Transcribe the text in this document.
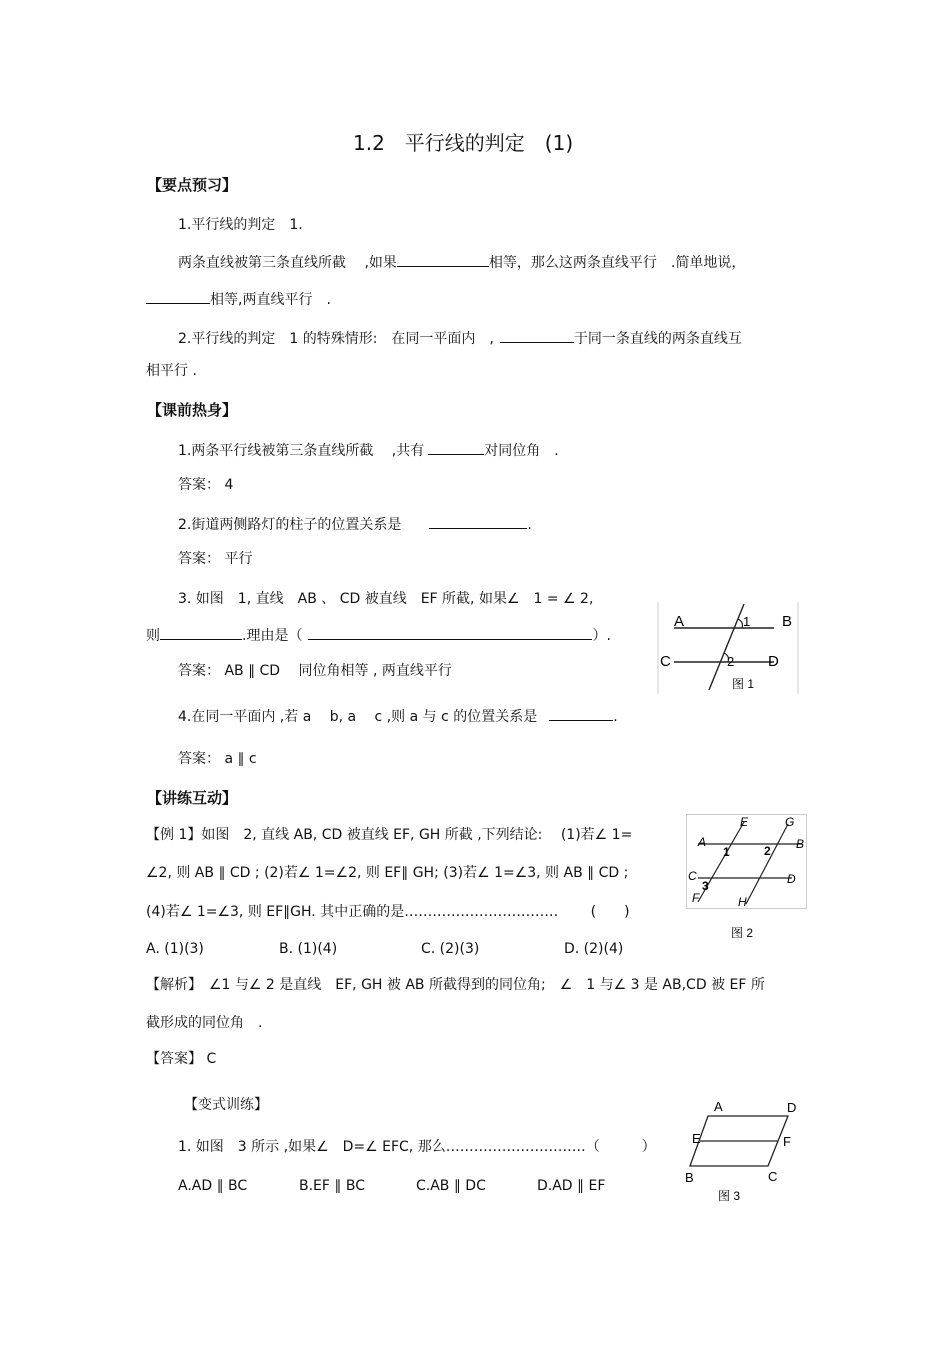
1.2　平行线的判定　(1)
【要点预习】
1.平行线的判定　1.
两条直线被第三条直线所截　 ,如果	相等，那么这两条直线平行　.简单地说，
相等,两直线平行　.
2.平行线的判定　1 的特殊情形:　在同一平面内　,	于同一条直线的两条直线互
相平行 .
【课前热身】
1.两条平行线被第三条直线所截　 ,共有	对同位角　.
答案： 4
2.街道两侧路灯的柱子的位置关系是	.
答案： 平行
3. 如图　1, 直线　AB 、 CD 被直线　EF 所截, 如果∠　1 = ∠ 2,
则	.理由是（	）.
答案： AB ∥ CD　 同位角相等 , 两直线平行
4.在同一平面内 ,若 a　 b, a　 c ,则 a 与 c 的位置关系是	.
答案： a ∥ c
A	B
C	D
1
2
图 1
【讲练互动】
【例 1】如图　2, 直线 AB, CD 被直线 EF, GH 所截 ,下列结论:　 (1)若∠ 1=
∠2, 则 AB ∥ CD ; (2)若∠ 1=∠2, 则 EF∥ GH; (3)若∠ 1=∠3, 则 AB ∥ CD ;
(4)若∠ 1=∠3, 则 EF∥GH. 其中正确的是……………………………　　 (　　)
A. (1)(3)	B. (1)(4)	C. (2)(3)	D. (2)(4)
【解析】　∠1 与∠ 2 是直线　EF, GH 被 AB 所截得到的同位角;　∠　1 与∠ 3 是 AB,CD 被 EF 所
截形成的同位角　.
【答案】 C
A	B
C	D
E
F
G
H
1	2
3
图 2
【变式训练】
1. 如图　3 所示 ,如果∠　D=∠ EFC, 那么…………………………（　　　）
A.AD ∥ BC	B.EF ∥ BC	C.AB ∥ DC	D.AD ∥ EF
A	D
E	F
B	C
图 3
